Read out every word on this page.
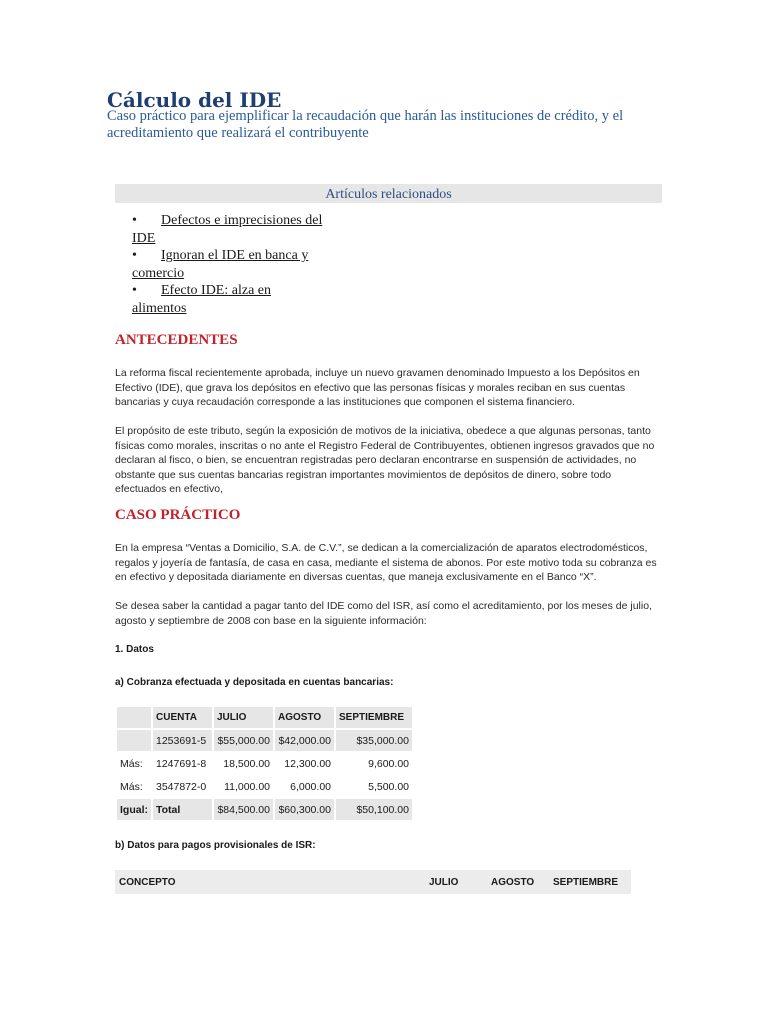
Cálculo del IDE

Caso práctico para ejemplificar la recaudación que harán las instituciones de crédito, y el acreditamiento que realizará el contribuyente

Artículos relacionados
• Defectos e imprecisiones del
IDE
• Ignoran el IDE en banca y
comercio
• Efecto IDE: alza en
alimentos
ANTECEDENTES

La reforma fiscal recientemente aprobada, incluye un nuevo gravamen denominado Impuesto a los Depósitos en Efectivo (IDE), que grava los depósitos en efectivo que las personas físicas y morales reciban en sus cuentas bancarias y cuya recaudación corresponde a las instituciones que componen el sistema financiero.

El propósito de este tributo, según la exposición de motivos de la iniciativa, obedece a que algunas personas, tanto físicas como morales, inscritas o no ante el Registro Federal de Contribuyentes, obtienen ingresos gravados que no declaran al fisco, o bien, se encuentran registradas pero declaran encontrarse en suspensión de actividades, no obstante que sus cuentas bancarias registran importantes movimientos de depósitos de dinero, sobre todo efectuados en efectivo,

CASO PRÁCTICO

En la empresa “Ventas a Domicilio, S.A. de C.V.”, se dedican a la comercialización de aparatos electrodomésticos, regalos y joyería de fantasía, de casa en casa, mediante el sistema de abonos. Por este motivo toda su cobranza es en efectivo y depositada diariamente en diversas cuentas, que maneja exclusivamente en el Banco “X”.

Se desea saber la cantidad a pagar tanto del IDE como del ISR, así como el acreditamiento, por los meses de julio, agosto y septiembre de 2008 con base en la siguiente información:

1. Datos

a) Cobranza efectuada y depositada en cuentas bancarias:

	CUENTA	JULIO	AGOSTO	SEPTIEMBRE
	1253691-5	$55,000.00	$42,000.00	$35,000.00
Más:	1247691-8	18,500.00	12,300.00	9,600.00
Más:	3547872-0	11,000.00	6,000.00	5,500.00
Igual:	Total	$84,500.00	$60,300.00	$50,100.00

b) Datos para pagos provisionales de ISR:

CONCEPTO	JULIO	AGOSTO	SEPTIEMBRE
